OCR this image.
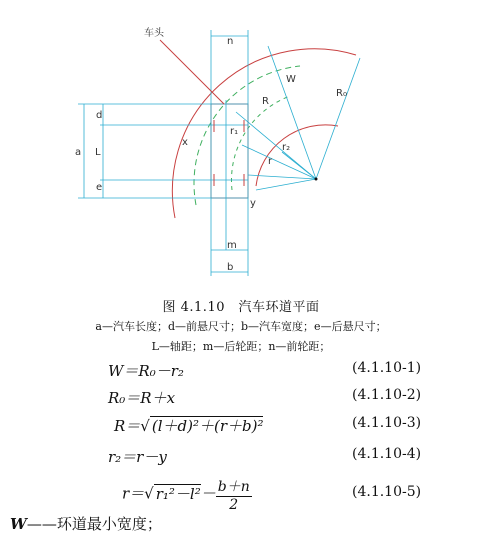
车头
n
d
a L
e
x
r₁
R
R₀
W
r₂
r
y
m
b
图 4.1.10　汽车环道平面
a—汽车长度；d—前悬尺寸；b—汽车宽度；e—后悬尺寸；
L—轴距；m—后轮距；n—前轮距；
W＝R₀－r₂	(4.1.10-1)
R₀＝R＋x	(4.1.10-2)
R＝√ (l＋d)²＋(r＋b)²	(4.1.10-3)
r₂＝r－y	(4.1.10-4)
r＝√ $r_1^2-l^2- \frac{b+n}{2}$	(4.1.10-5)
W——环道最小宽度；
